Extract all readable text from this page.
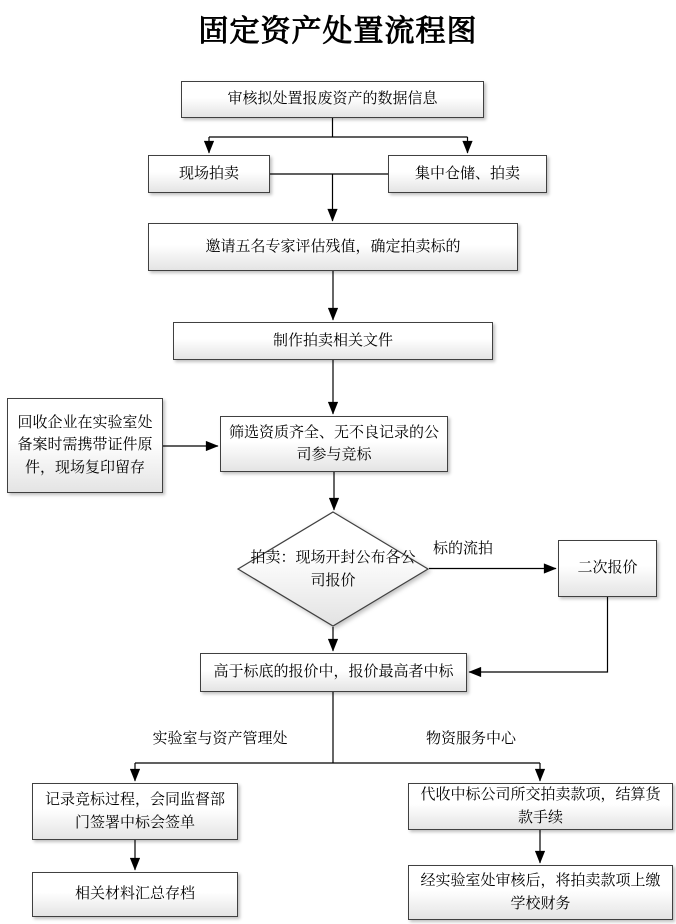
固定资产处置流程图
审核拟处置报废资产的数据信息
现场拍卖	集中仓储、拍卖
邀请五名专家评估残值，确定拍卖标的
制作拍卖相关文件
回收企业在实验室处备案时需携带证件原件，现场复印留存
筛选资质齐全、无不良记录的公司参与竞标
拍卖：现场开封公布各公司报价
二次报价
高于标底的报价中，报价最高者中标
记录竞标过程，会同监督部门签署中标会签单
相关材料汇总存档
代收中标公司所交拍卖款项，结算货款手续
经实验室处审核后，将拍卖款项上缴学校财务
标的流拍
实验室与资产管理处	物资服务中心
